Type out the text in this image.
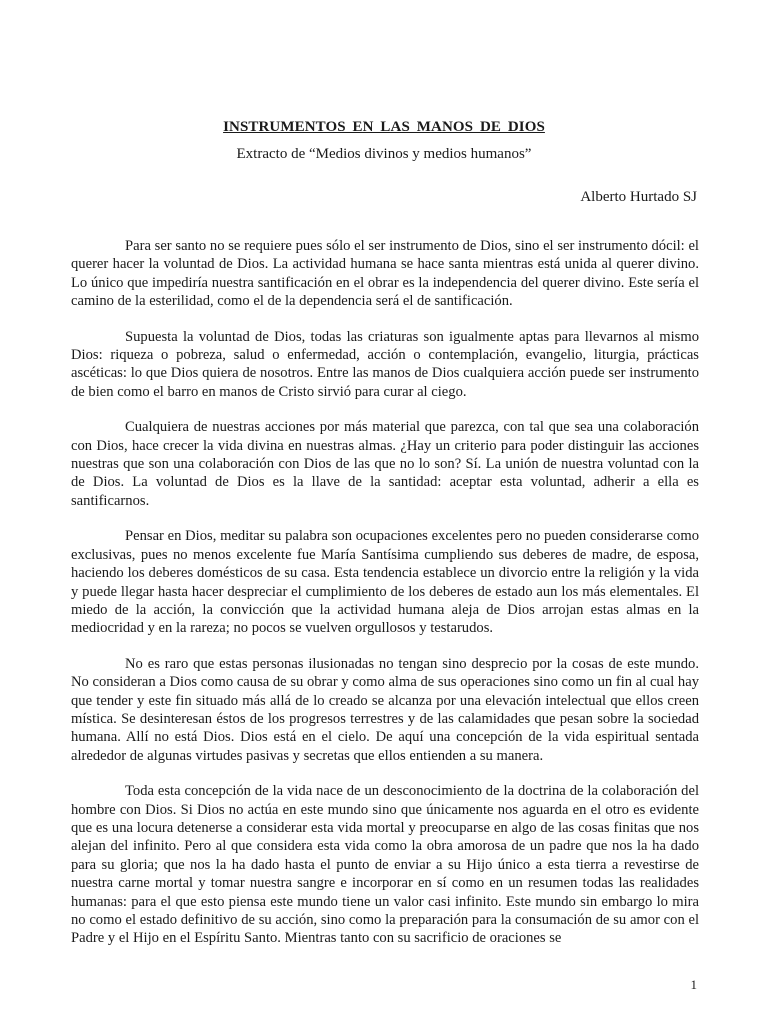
INSTRUMENTOS EN LAS MANOS DE DIOS
Extracto de “Medios divinos y medios humanos”
Alberto Hurtado SJ

Para ser santo no se requiere pues sólo el ser instrumento de Dios, sino el ser instrumento dócil: el querer hacer la voluntad de Dios. La actividad humana se hace santa mientras está unida al querer divino. Lo único que impediría nuestra santificación en el obrar es la independencia del querer divino. Este sería el camino de la esterilidad, como el de la dependencia será el de santificación.

Supuesta la voluntad de Dios, todas las criaturas son igualmente aptas para llevarnos al mismo Dios: riqueza o pobreza, salud o enfermedad, acción o contemplación, evangelio, liturgia, prácticas ascéticas: lo que Dios quiera de nosotros. Entre las manos de Dios cualquiera acción puede ser instrumento de bien como el barro en manos de Cristo sirvió para curar al ciego.

Cualquiera de nuestras acciones por más material que parezca, con tal que sea una colaboración con Dios, hace crecer la vida divina en nuestras almas. ¿Hay un criterio para poder distinguir las acciones nuestras que son una colaboración con Dios de las que no lo son? Sí. La unión de nuestra voluntad con la de Dios. La voluntad de Dios es la llave de la santidad: aceptar esta voluntad, adherir a ella es santificarnos.

Pensar en Dios, meditar su palabra son ocupaciones excelentes pero no pueden considerarse como exclusivas, pues no menos excelente fue María Santísima cumpliendo sus deberes de madre, de esposa, haciendo los deberes domésticos de su casa. Esta tendencia establece un divorcio entre la religión y la vida y puede llegar hasta hacer despreciar el cumplimiento de los deberes de estado aun los más elementales. El miedo de la acción, la convicción que la actividad humana aleja de Dios arrojan estas almas en la mediocridad y en la rareza; no pocos se vuelven orgullosos y testarudos.

No es raro que estas personas ilusionadas no tengan sino desprecio por la cosas de este mundo. No consideran a Dios como causa de su obrar y como alma de sus operaciones sino como un fin al cual hay que tender y este fin situado más allá de lo creado se alcanza por una elevación intelectual que ellos creen mística. Se desinteresan éstos de los progresos terrestres y de las calamidades que pesan sobre la sociedad humana. Allí no está Dios. Dios está en el cielo. De aquí una concepción de la vida espiritual sentada alrededor de algunas virtudes pasivas y secretas que ellos entienden a su manera.

Toda esta concepción de la vida nace de un desconocimiento de la doctrina de la colaboración del hombre con Dios. Si Dios no actúa en este mundo sino que únicamente nos aguarda en el otro es evidente que es una locura detenerse a considerar esta vida mortal y preocuparse en algo de las cosas finitas que nos alejan del infinito. Pero al que considera esta vida como la obra amorosa de un padre que nos la ha dado para su gloria; que nos la ha dado hasta el punto de enviar a su Hijo único a esta tierra a revestirse de nuestra carne mortal y tomar nuestra sangre e incorporar en sí como en un resumen todas las realidades humanas: para el que esto piensa este mundo tiene un valor casi infinito. Este mundo sin embargo lo mira no como el estado definitivo de su acción, sino como la preparación para la consumación de su amor con el Padre y el Hijo en el Espíritu Santo. Mientras tanto con su sacrificio de oraciones se

1
